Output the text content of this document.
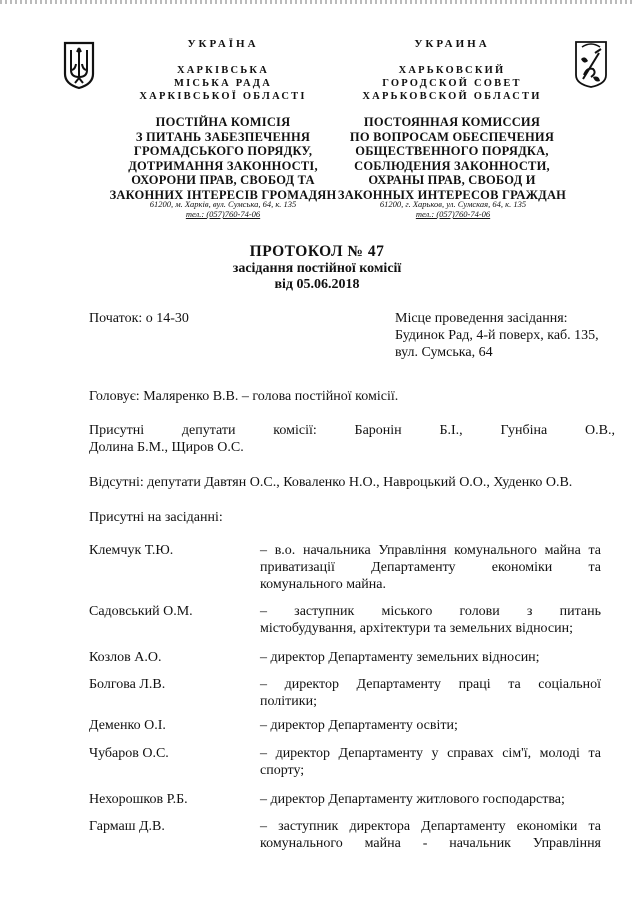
УКРАЇНА
ХАРКІВСЬКА
МІСЬКА РАДА
ХАРКІВСЬКОЇ ОБЛАСТІ
ПОСТІЙНА КОМІСІЯ
З ПИТАНЬ ЗАБЕЗПЕЧЕННЯ
ГРОМАДСЬКОГО ПОРЯДКУ,
ДОТРИМАННЯ ЗАКОННОСТІ,
ОХОРОНИ ПРАВ, СВОБОД ТА
ЗАКОННИХ ІНТЕРЕСІВ ГРОМАДЯН
УКРАИНА
ХАРЬКОВСКИЙ
ГОРОДСКОЙ СОВЕТ
ХАРЬКОВСКОЙ ОБЛАСТИ
ПОСТОЯННАЯ КОМИССИЯ
ПО ВОПРОСАМ ОБЕСПЕЧЕНИЯ
ОБЩЕСТВЕННОГО ПОРЯДКА,
СОБЛЮДЕНИЯ ЗАКОННОСТИ,
ОХРАНЫ ПРАВ, СВОБОД И
ЗАКОННЫХ ИНТЕРЕСОВ ГРАЖДАН
61200, м. Харків, вул. Сумська, 64, к. 135
тел.: (057)760-74-06
61200, г. Харьков, ул. Сумская, 64, к. 135
тел.: (057)760-74-06
ПРОТОКОЛ № 47
засідання постійної комісії
від 05.06.2018
Початок: о 14-30	Місце проведення засідання:
Будинок Рад, 4-й поверх, каб. 135,
вул. Сумська, 64
Головує: Маляренко В.В. – голова постійної комісії.
Присутні	депутати	комісії:	Баронін	Б.І.,	Гунбіна	О.В.,
Долина Б.М., Щиров О.С.
Відсутні: депутати Давтян О.С., Коваленко Н.О., Навроцький О.О., Худенко О.В.
Присутні на засіданні:
Клемчук Т.Ю.	– в.о. начальника Управління комунального майна та
приватизації Департаменту економіки та
комунального майна.
Садовський О.М.	– заступник міського голови з питань
містобудування, архітектури та земельних відносин;
Козлов А.О.	– директор Департаменту земельних відносин;
Болгова Л.В.	– директор Департаменту праці та соціальної
політики;
Деменко О.І.	– директор Департаменту освіти;
Чубаров О.С.	– директор Департаменту у справах сім'ї, молоді та
спорту;
Нехорошков Р.Б.	– директор Департаменту житлового господарства;
Гармаш Д.В.	– заступник директора Департаменту економіки та
комунального майна - начальник Управління
